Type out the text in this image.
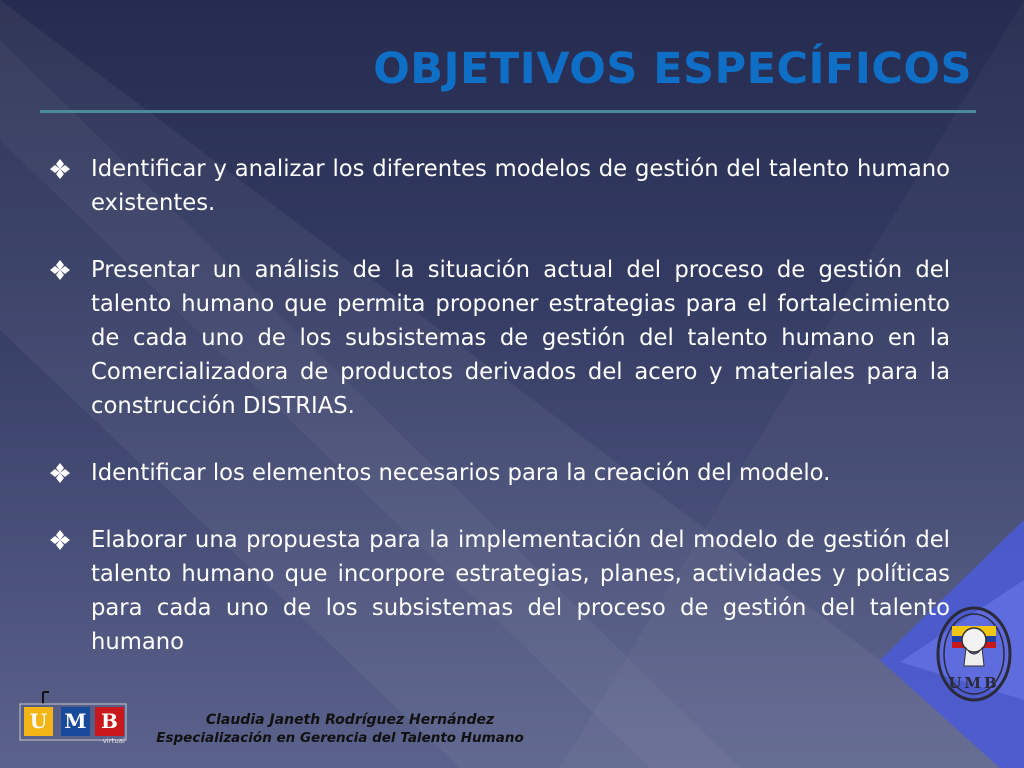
OBJETIVOS ESPECÍFICOS
Identificar y analizar los diferentes modelos de gestión del talento humano existentes.
Presentar un análisis de la situación actual del proceso de gestión del talento humano que permita proponer estrategias para el fortalecimiento de cada uno de los subsistemas de gestión del talento humano en la Comercializadora de productos derivados del acero y materiales para la construcción DISTRIAS.
Identificar los elementos necesarios para la creación del modelo.
Elaborar una propuesta para la implementación del modelo de gestión del talento humano que incorpore estrategias, planes, actividades y políticas para cada uno de los subsistemas del proceso de gestión del talento humano
U M B
virtual

Claudia Janeth Rodríguez Hernández

Especialización en Gerencia del Talento Humano

UMB
